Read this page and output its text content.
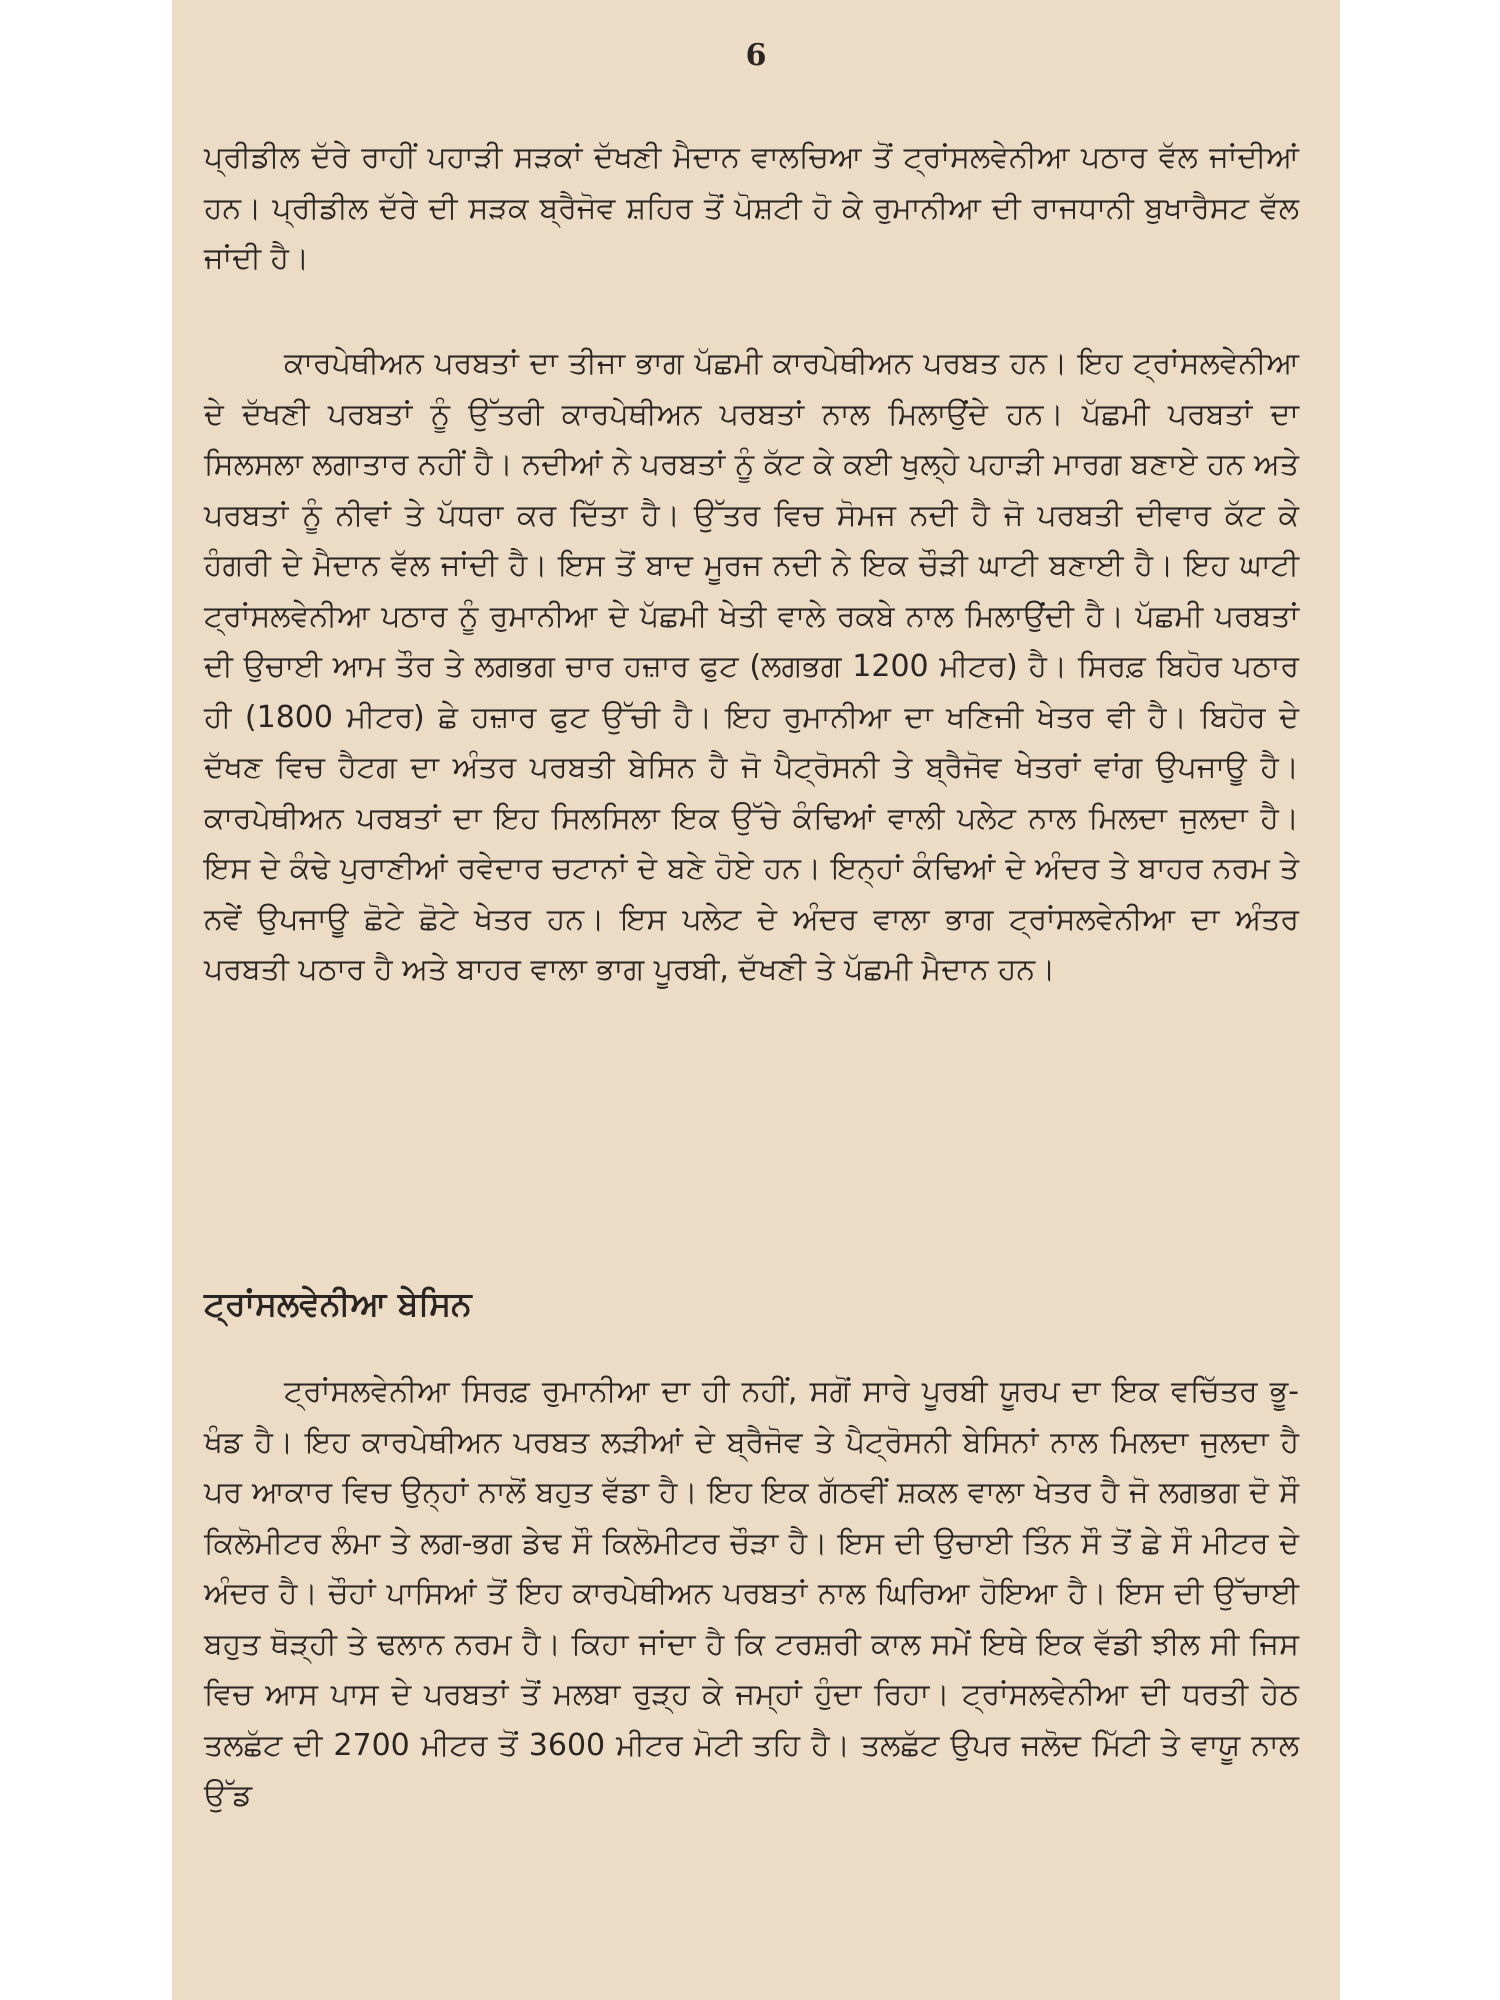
6

ਪ੍ਰੀਡੀਲ ਦੱਰੇ ਰਾਹੀਂ ਪਹਾੜੀ ਸੜਕਾਂ ਦੱਖਣੀ ਮੈਦਾਨ ਵਾਲਚਿਆ ਤੋਂ ਟ੍ਰਾਂਸਲਵੇਨੀਆ ਪਠਾਰ ਵੱਲ ਜਾਂਦੀਆਂ ਹਨ। ਪ੍ਰੀਡੀਲ ਦੱਰੇ ਦੀ ਸੜਕ ਬ੍ਰੈਜੋਵ ਸ਼ਹਿਰ ਤੋਂ ਪੋਸ਼ਟੀ ਹੋ ਕੇ ਰੁਮਾਨੀਆ ਦੀ ਰਾਜਧਾਨੀ ਬੁਖਾਰੈਸਟ ਵੱਲ ਜਾਂਦੀ ਹੈ।

ਕਾਰਪੇਥੀਅਨ ਪਰਬਤਾਂ ਦਾ ਤੀਜਾ ਭਾਗ ਪੱਛਮੀ ਕਾਰਪੇਥੀਅਨ ਪਰਬਤ ਹਨ। ਇਹ ਟ੍ਰਾਂਸਲਵੇਨੀਆ ਦੇ ਦੱਖਣੀ ਪਰਬਤਾਂ ਨੂੰ ਉੱਤਰੀ ਕਾਰਪੇਥੀਅਨ ਪਰਬਤਾਂ ਨਾਲ ਮਿਲਾਉਂਦੇ ਹਨ। ਪੱਛਮੀ ਪਰਬਤਾਂ ਦਾ ਸਿਲਸਲਾ ਲਗਾਤਾਰ ਨਹੀਂ ਹੈ। ਨਦੀਆਂ ਨੇ ਪਰਬਤਾਂ ਨੂੰ ਕੱਟ ਕੇ ਕਈ ਖੁਲ੍ਹੇ ਪਹਾੜੀ ਮਾਰਗ ਬਣਾਏ ਹਨ ਅਤੇ ਪਰਬਤਾਂ ਨੂੰ ਨੀਵਾਂ ਤੇ ਪੱਧਰਾ ਕਰ ਦਿੱਤਾ ਹੈ। ਉੱਤਰ ਵਿਚ ਸੋਮਜ ਨਦੀ ਹੈ ਜੋ ਪਰਬਤੀ ਦੀਵਾਰ ਕੱਟ ਕੇ ਹੰਗਰੀ ਦੇ ਮੈਦਾਨ ਵੱਲ ਜਾਂਦੀ ਹੈ। ਇਸ ਤੋਂ ਬਾਦ ਮੂਰਜ ਨਦੀ ਨੇ ਇਕ ਚੌੜੀ ਘਾਟੀ ਬਣਾਈ ਹੈ। ਇਹ ਘਾਟੀ ਟ੍ਰਾਂਸਲਵੇਨੀਆ ਪਠਾਰ ਨੂੰ ਰੁਮਾਨੀਆ ਦੇ ਪੱਛਮੀ ਖੇਤੀ ਵਾਲੇ ਰਕਬੇ ਨਾਲ ਮਿਲਾਉਂਦੀ ਹੈ। ਪੱਛਮੀ ਪਰਬਤਾਂ ਦੀ ਉਚਾਈ ਆਮ ਤੌਰ ਤੇ ਲਗਭਗ ਚਾਰ ਹਜ਼ਾਰ ਫੁਟ (ਲਗਭਗ 1200 ਮੀਟਰ) ਹੈ। ਸਿਰਫ਼ ਬਿਹੋਰ ਪਠਾਰ ਹੀ (1800 ਮੀਟਰ) ਛੇ ਹਜ਼ਾਰ ਫੁਟ ਉੱਚੀ ਹੈ। ਇਹ ਰੁਮਾਨੀਆ ਦਾ ਖਣਿਜੀ ਖੇਤਰ ਵੀ ਹੈ। ਬਿਹੋਰ ਦੇ ਦੱਖਣ ਵਿਚ ਹੈਟਗ ਦਾ ਅੰਤਰ ਪਰਬਤੀ ਬੇਸਿਨ ਹੈ ਜੋ ਪੈਟ੍ਰੋਸਨੀ ਤੇ ਬ੍ਰੈਜੋਵ ਖੇਤਰਾਂ ਵਾਂਗ ਉਪਜਾਊ ਹੈ। ਕਾਰਪੇਥੀਅਨ ਪਰਬਤਾਂ ਦਾ ਇਹ ਸਿਲਸਿਲਾ ਇਕ ਉੱਚੇ ਕੰਢਿਆਂ ਵਾਲੀ ਪਲੇਟ ਨਾਲ ਮਿਲਦਾ ਜੁਲਦਾ ਹੈ। ਇਸ ਦੇ ਕੰਢੇ ਪੁਰਾਣੀਆਂ ਰਵੇਦਾਰ ਚਟਾਨਾਂ ਦੇ ਬਣੇ ਹੋਏ ਹਨ। ਇਨ੍ਹਾਂ ਕੰਢਿਆਂ ਦੇ ਅੰਦਰ ਤੇ ਬਾਹਰ ਨਰਮ ਤੇ ਨਵੇਂ ਉਪਜਾਊ ਛੋਟੇ ਛੋਟੇ ਖੇਤਰ ਹਨ। ਇਸ ਪਲੇਟ ਦੇ ਅੰਦਰ ਵਾਲਾ ਭਾਗ ਟ੍ਰਾਂਸਲਵੇਨੀਆ ਦਾ ਅੰਤਰ ਪਰਬਤੀ ਪਠਾਰ ਹੈ ਅਤੇ ਬਾਹਰ ਵਾਲਾ ਭਾਗ ਪੂਰਬੀ, ਦੱਖਣੀ ਤੇ ਪੱਛਮੀ ਮੈਦਾਨ ਹਨ।

ਟ੍ਰਾਂਸਲਵੇਨੀਆ ਬੇਸਿਨ

ਟ੍ਰਾਂਸਲਵੇਨੀਆ ਸਿਰਫ਼ ਰੁਮਾਨੀਆ ਦਾ ਹੀ ਨਹੀਂ, ਸਗੋਂ ਸਾਰੇ ਪੂਰਬੀ ਯੂਰਪ ਦਾ ਇਕ ਵਚਿੱਤਰ ਭੂ-ਖੰਡ ਹੈ। ਇਹ ਕਾਰਪੇਥੀਅਨ ਪਰਬਤ ਲੜੀਆਂ ਦੇ ਬ੍ਰੈਜੋਵ ਤੇ ਪੈਟ੍ਰੋਸਨੀ ਬੇਸਿਨਾਂ ਨਾਲ ਮਿਲਦਾ ਜੁਲਦਾ ਹੈ ਪਰ ਆਕਾਰ ਵਿਚ ਉਨ੍ਹਾਂ ਨਾਲੋਂ ਬਹੁਤ ਵੱਡਾ ਹੈ। ਇਹ ਇਕ ਗੱਠਵੀਂ ਸ਼ਕਲ ਵਾਲਾ ਖੇਤਰ ਹੈ ਜੋ ਲਗਭਗ ਦੋ ਸੌ ਕਿਲੋਮੀਟਰ ਲੰਮਾ ਤੇ ਲਗ-ਭਗ ਡੇਢ ਸੌ ਕਿਲੋਮੀਟਰ ਚੌੜਾ ਹੈ। ਇਸ ਦੀ ਉਚਾਈ ਤਿੰਨ ਸੌ ਤੋਂ ਛੇ ਸੌ ਮੀਟਰ ਦੇ ਅੰਦਰ ਹੈ। ਚੌਹਾਂ ਪਾਸਿਆਂ ਤੋਂ ਇਹ ਕਾਰਪੇਥੀਅਨ ਪਰਬਤਾਂ ਨਾਲ ਘਿਰਿਆ ਹੋਇਆ ਹੈ। ਇਸ ਦੀ ਉੱਚਾਈ ਬਹੁਤ ਥੋੜ੍ਹੀ ਤੇ ਢਲਾਨ ਨਰਮ ਹੈ। ਕਿਹਾ ਜਾਂਦਾ ਹੈ ਕਿ ਟਰਸ਼ਰੀ ਕਾਲ ਸਮੇਂ ਇਥੇ ਇਕ ਵੱਡੀ ਝੀਲ ਸੀ ਜਿਸ ਵਿਚ ਆਸ ਪਾਸ ਦੇ ਪਰਬਤਾਂ ਤੋਂ ਮਲਬਾ ਰੁੜ੍ਹ ਕੇ ਜਮ੍ਹਾਂ ਹੁੰਦਾ ਰਿਹਾ। ਟ੍ਰਾਂਸਲਵੇਨੀਆ ਦੀ ਧਰਤੀ ਹੇਠ ਤਲਛੱਟ ਦੀ 2700 ਮੀਟਰ ਤੋਂ 3600 ਮੀਟਰ ਮੋਟੀ ਤਹਿ ਹੈ। ਤਲਛੱਟ ਉਪਰ ਜਲੋਦ ਮਿੱਟੀ ਤੇ ਵਾਯੂ ਨਾਲ ਉੱਡ
